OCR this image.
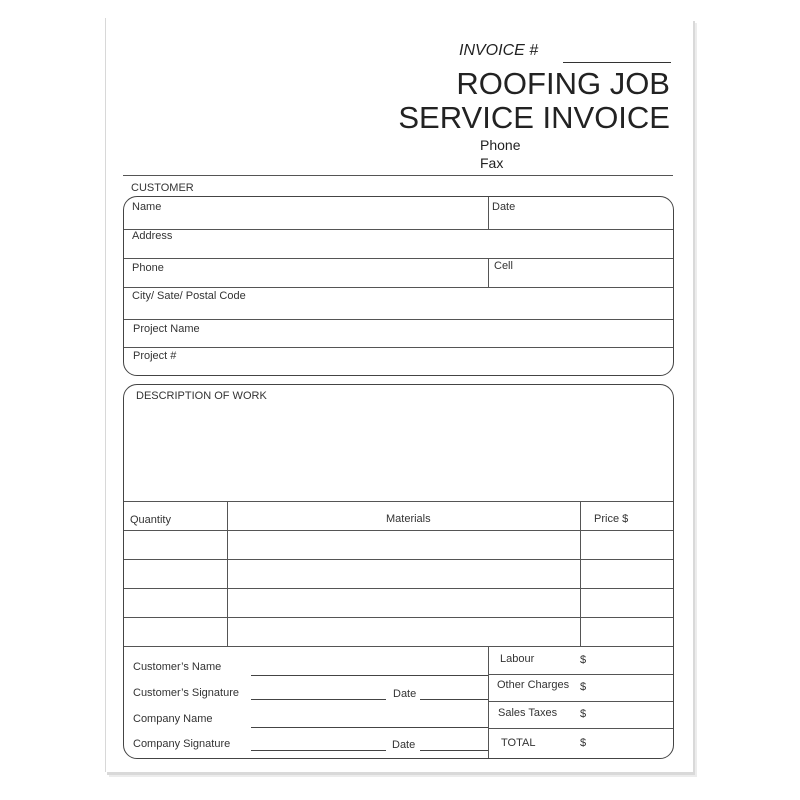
INVOICE #
ROOFING JOB
SERVICE INVOICE
Phone
Fax
CUSTOMER
Name	Date
Address
Phone	Cell
City/ Sate/ Postal Code
Project Name
Project #
DESCRIPTION OF WORK
Quantity	Materials	Price $
Customer’s Name
Customer’s Signature	Date
Company Name
Company Signature	Date
Labour	$
Other Charges $
Sales Taxes $
TOTAL	$
